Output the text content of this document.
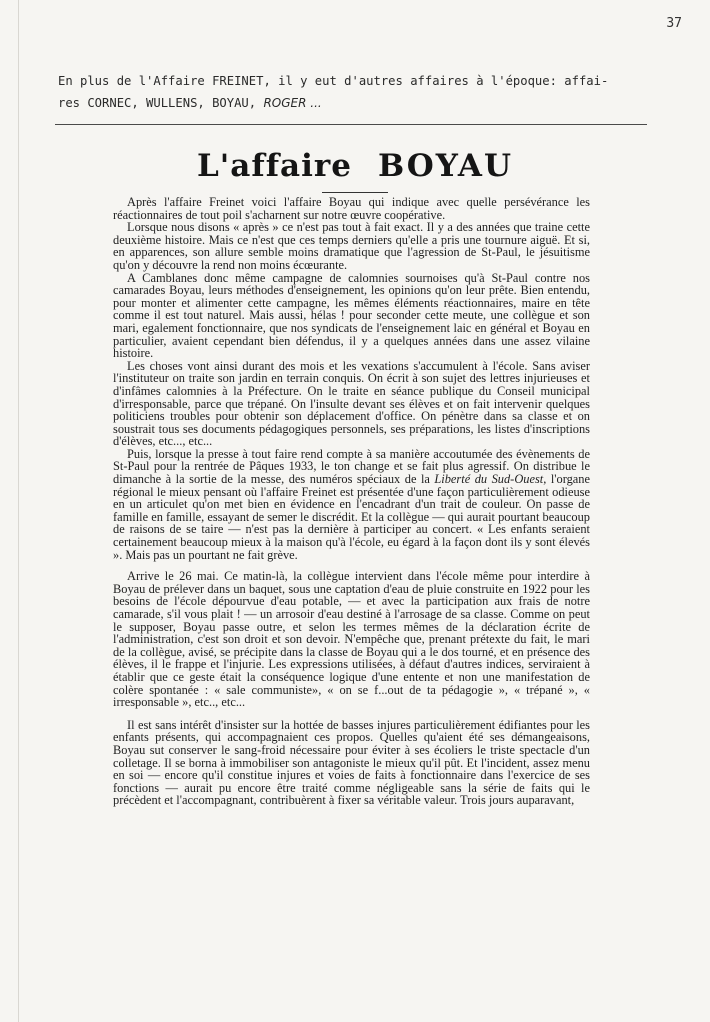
37
En plus de l'Affaire FREINET, il y eut d'autres affaires à l'époque: affai-
res CORNEC, WULLENS, BOYAU, ROGER ...
L'affaire BOYAU

Après l'affaire Freinet voici l'affaire Boyau qui indique avec quelle persévérance les réactionnaires de tout poil s'acharnent sur notre œuvre coopérative.

Lorsque nous disons « après » ce n'est pas tout à fait exact. Il y a des années que traine cette deuxième histoire. Mais ce n'est que ces temps derniers qu'elle a pris une tournure aiguë. Et si, en apparences, son allure semble moins dramatique que l'agression de St-Paul, le jésuitisme qu'on y découvre la rend non moins écœurante.

A Camblanes donc même campagne de calomnies sournoises qu'à St-Paul contre nos camarades Boyau, leurs méthodes d'enseignement, les opinions qu'on leur prête. Bien entendu, pour monter et alimenter cette campagne, les mêmes éléments réactionnaires, maire en tête comme il est tout naturel. Mais aussi, hélas ! pour seconder cette meute, une collègue et son mari, egalement fonctionnaire, que nos syndicats de l'enseignement laic en général et Boyau en particulier, avaient cependant bien défendus, il y a quelques années dans une assez vilaine histoire.

Les choses vont ainsi durant des mois et les vexations s'accumulent à l'école. Sans aviser l'instituteur on traite son jardin en terrain conquis. On écrit à son sujet des lettres injurieuses et d'infâmes calomnies à la Préfecture. On le traite en séance publique du Conseil municipal d'irresponsable, parce que trépané. On l'insulte devant ses élèves et on fait intervenir quelques politiciens troubles pour obtenir son déplacement d'office. On pénètre dans sa classe et on soustrait tous ses documents pédagogiques personnels, ses préparations, les listes d'inscriptions d'élèves, etc..., etc...

Puis, lorsque la presse à tout faire rend compte à sa manière accoutumée des évènements de St-Paul pour la rentrée de Pâques 1933, le ton change et se fait plus agressif. On distribue le dimanche à la sortie de la messe, des numéros spéciaux de la Liberté du Sud-Ouest, l'organe régional le mieux pensant où l'affaire Freinet est présentée d'une façon particulièrement odieuse en un articulet qu'on met bien en évidence en l'encadrant d'un trait de couleur. On passe de famille en famille, essayant de semer le discrédit. Et la collègue — qui aurait pourtant beaucoup de raisons de se taire — n'est pas la dernière à participer au concert. « Les enfants seraient certainement beaucoup mieux à la maison qu'à l'école, eu égard à la façon dont ils y sont élevés ». Mais pas un pourtant ne fait grève.

Arrive le 26 mai. Ce matin-là, la collègue intervient dans l'école même pour interdire à Boyau de prélever dans un baquet, sous une captation d'eau de pluie construite en 1922 pour les besoins de l'école dépourvue d'eau potable, — et avec la participation aux frais de notre camarade, s'il vous plait ! — un arrosoir d'eau destiné à l'arrosage de sa classe. Comme on peut le supposer, Boyau passe outre, et selon les termes mêmes de la déclaration écrite de l'administration, c'est son droit et son devoir. N'empêche que, prenant prétexte du fait, le mari de la collègue, avisé, se précipite dans la classe de Boyau qui a le dos tourné, et en présence des élèves, il le frappe et l'injurie. Les expressions utilisées, à défaut d'autres indices, serviraient à établir que ce geste était la conséquence logique d'une entente et non une manifestation de colère spontanée : « sale communiste», « on se f...out de ta pédagogie », « trépané », « irresponsable », etc.., etc...

Il est sans intérêt d'insister sur la hottée de basses injures particulièrement édifiantes pour les enfants présents, qui accompagnaient ces propos. Quelles qu'aient été ses démangeaisons, Boyau sut conserver le sang-froid nécessaire pour éviter à ses écoliers le triste spectacle d'un colletage. Il se borna à immobiliser son antagoniste le mieux qu'il pût. Et l'incident, assez menu en soi — encore qu'il constitue injures et voies de faits à fonctionnaire dans l'exercice de ses fonctions — aurait pu encore être traité comme négligeable sans la série de faits qui le précèdent et l'accompagnant, contribuèrent à fixer sa véritable valeur. Trois jours auparavant,
